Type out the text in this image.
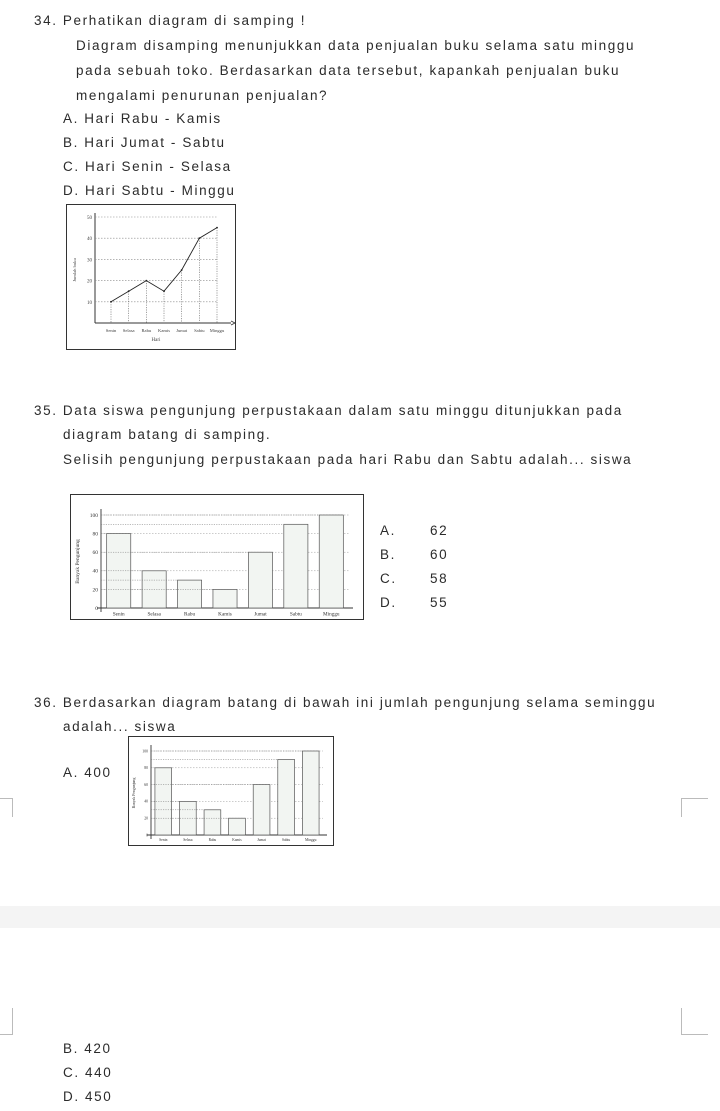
34. Perhatikan diagram di samping !
Diagram disamping menunjukkan data penjualan buku selama satu minggu
pada sebuah toko. Berdasarkan data tersebut, kapankah penjualan buku
mengalami penurunan penjualan?
A. Hari Rabu - Kamis
B. Hari Jumat - Sabtu
C. Hari Senin - Selasa
D. Hari Sabtu - Minggu
10
20
30
40
50
Senin Selasa Rabu Kamis Jumat Sabtu Minggu
Hari
Jumlah buku
35. Data siswa pengunjung perpustakaan dalam satu minggu ditunjukkan pada
diagram batang di samping.
Selisih pengunjung perpustakaan pada hari Rabu dan Sabtu adalah... siswa
0
20
40
60
80
100
Senin	Selasa	Rabu	Kamis	Jumat	Sabtu	Minggu
Banyak Pengunjung
A.	62
B.	60
C. 58
D. 55
36. Berdasarkan diagram batang di bawah ini jumlah pengunjung selama seminggu
adalah... siswa
A. 400
0
20
40
60
80
100
Senin	Selasa	Rabu	Kamis	Jumat	Sabtu	Minggu
Banyak Pengunjung
B. 420
C. 440
D. 450
